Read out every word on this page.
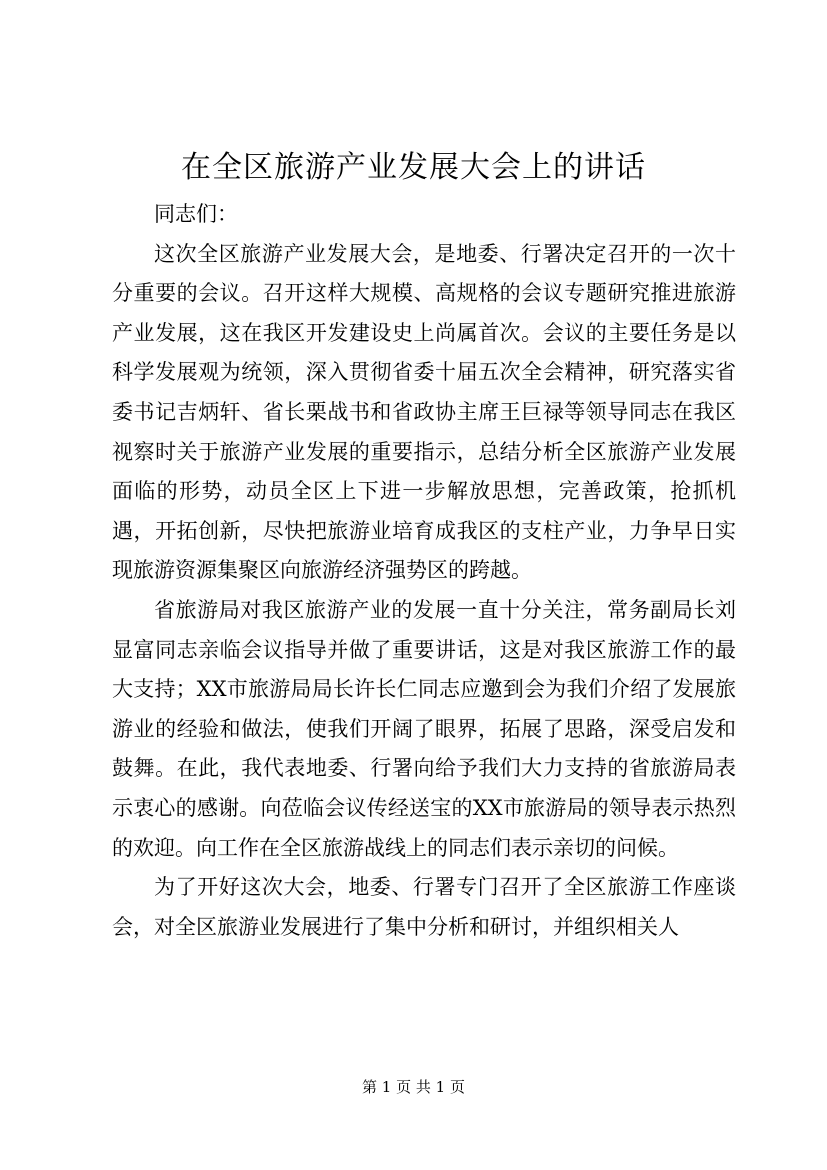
在全区旅游产业发展大会上的讲话

同志们：

这次全区旅游产业发展大会，是地委、行署决定召开的一次十分重要的会议。召开这样大规模、高规格的会议专题研究推进旅游产业发展，这在我区开发建设史上尚属首次。会议的主要任务是以科学发展观为统领，深入贯彻省委十届五次全会精神，研究落实省委书记吉炳轩、省长栗战书和省政协主席王巨禄等领导同志在我区视察时关于旅游产业发展的重要指示，总结分析全区旅游产业发展面临的形势，动员全区上下进一步解放思想，完善政策，抢抓机遇，开拓创新，尽快把旅游业培育成我区的支柱产业，力争早日实现旅游资源集聚区向旅游经济强势区的跨越。

省旅游局对我区旅游产业的发展一直十分关注，常务副局长刘显富同志亲临会议指导并做了重要讲话，这是对我区旅游工作的最大支持；XX市旅游局局长许长仁同志应邀到会为我们介绍了发展旅游业的经验和做法，使我们开阔了眼界，拓展了思路，深受启发和鼓舞。在此，我代表地委、行署向给予我们大力支持的省旅游局表示衷心的感谢。向莅临会议传经送宝的XX市旅游局的领导表示热烈的欢迎。向工作在全区旅游战线上的同志们表示亲切的问候。

为了开好这次大会，地委、行署专门召开了全区旅游工作座谈会，对全区旅游业发展进行了集中分析和研讨，并组织相关人

第 1 页 共 1 页
